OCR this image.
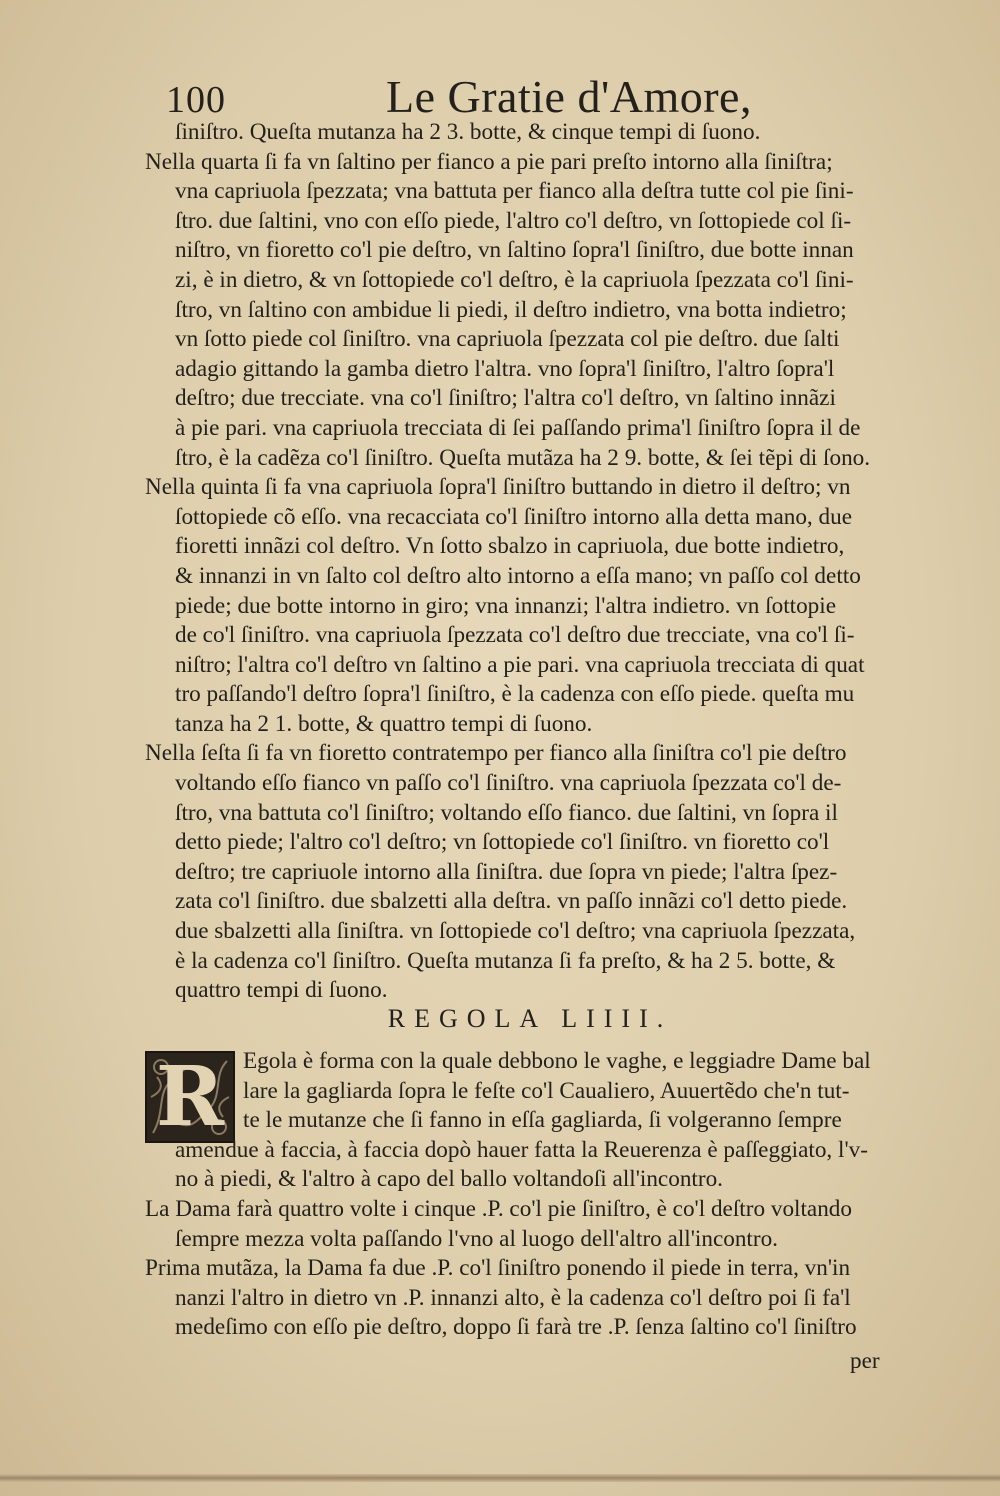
100	Le Gratie d'Amore,
ſiniſtro. Queſta mutanza ha 2 3. botte, & cinque tempi di ſuono.
Nella quarta ſi fa vn ſaltino per fianco a pie pari preſto intorno alla ſiniſtra;
vna capriuola ſpezzata; vna battuta per fianco alla deſtra tutte col pie ſini-
ſtro. due ſaltini, vno con eſſo piede, l'altro co'l deſtro, vn ſottopiede col ſi-
niſtro, vn fioretto co'l pie deſtro, vn ſaltino ſopra'l ſiniſtro, due botte innan
zi, è in dietro, & vn ſottopiede co'l deſtro, è la capriuola ſpezzata co'l ſini-
ſtro, vn ſaltino con ambidue li piedi, il deſtro indietro, vna botta indietro;
vn ſotto piede col ſiniſtro. vna capriuola ſpezzata col pie deſtro. due ſalti
adagio gittando la gamba dietro l'altra. vno ſopra'l ſiniſtro, l'altro ſopra'l
deſtro; due trecciate. vna co'l ſiniſtro; l'altra co'l deſtro, vn ſaltino innãzi
à pie pari. vna capriuola trecciata di ſei paſſando prima'l ſiniſtro ſopra il de
ſtro, è la cadẽza co'l ſiniſtro. Queſta mutãza ha 2 9. botte, & ſei tẽpi di ſono.
Nella quinta ſi fa vna capriuola ſopra'l ſiniſtro buttando in dietro il deſtro; vn
ſottopiede cõ eſſo. vna recacciata co'l ſiniſtro intorno alla detta mano, due
fioretti innãzi col deſtro. Vn ſotto sbalzo in capriuola, due botte indietro,
& innanzi in vn ſalto col deſtro alto intorno a eſſa mano; vn paſſo col detto
piede; due botte intorno in giro; vna innanzi; l'altra indietro. vn ſottopie
de co'l ſiniſtro. vna capriuola ſpezzata co'l deſtro due trecciate, vna co'l ſi-
niſtro; l'altra co'l deſtro vn ſaltino a pie pari. vna capriuola trecciata di quat
tro paſſando'l deſtro ſopra'l ſiniſtro, è la cadenza con eſſo piede. queſta mu
tanza ha 2 1. botte, & quattro tempi di ſuono.
Nella ſeſta ſi fa vn fioretto contratempo per fianco alla ſiniſtra co'l pie deſtro
voltando eſſo fianco vn paſſo co'l ſiniſtro. vna capriuola ſpezzata co'l de-
ſtro, vna battuta co'l ſiniſtro; voltando eſſo fianco. due ſaltini, vn ſopra il
detto piede; l'altro co'l deſtro; vn ſottopiede co'l ſiniſtro. vn fioretto co'l
deſtro; tre capriuole intorno alla ſiniſtra. due ſopra vn piede; l'altra ſpez-
zata co'l ſiniſtro. due sbalzetti alla deſtra. vn paſſo innãzi co'l detto piede.
due sbalzetti alla ſiniſtra. vn ſottopiede co'l deſtro; vna capriuola ſpezzata,
è la cadenza co'l ſiniſtro. Queſta mutanza ſi fa preſto, & ha 2 5. botte, &
quattro tempi di ſuono.
REGOLA LIIII.
R Egola è forma con la quale debbono le vaghe, e leggiadre Dame bal
lare la gagliarda ſopra le feſte co'l Caualiero, Auuertẽdo che'n tut-
te le mutanze che ſi fanno in eſſa gagliarda, ſi volgeranno ſempre
amendue à faccia, à faccia dopò hauer fatta la Reuerenza è paſſeggiato, l'v-
no à piedi, & l'altro à capo del ballo voltandoſi all'incontro.
La Dama farà quattro volte i cinque .P. co'l pie ſiniſtro, è co'l deſtro voltando
ſempre mezza volta paſſando l'vno al luogo dell'altro all'incontro.
Prima mutãza, la Dama fa due .P. co'l ſiniſtro ponendo il piede in terra, vn'in
nanzi l'altro in dietro vn .P. innanzi alto, è la cadenza co'l deſtro poi ſi fa'l
medeſimo con eſſo pie deſtro, doppo ſi farà tre .P. ſenza ſaltino co'l ſiniſtro
per
